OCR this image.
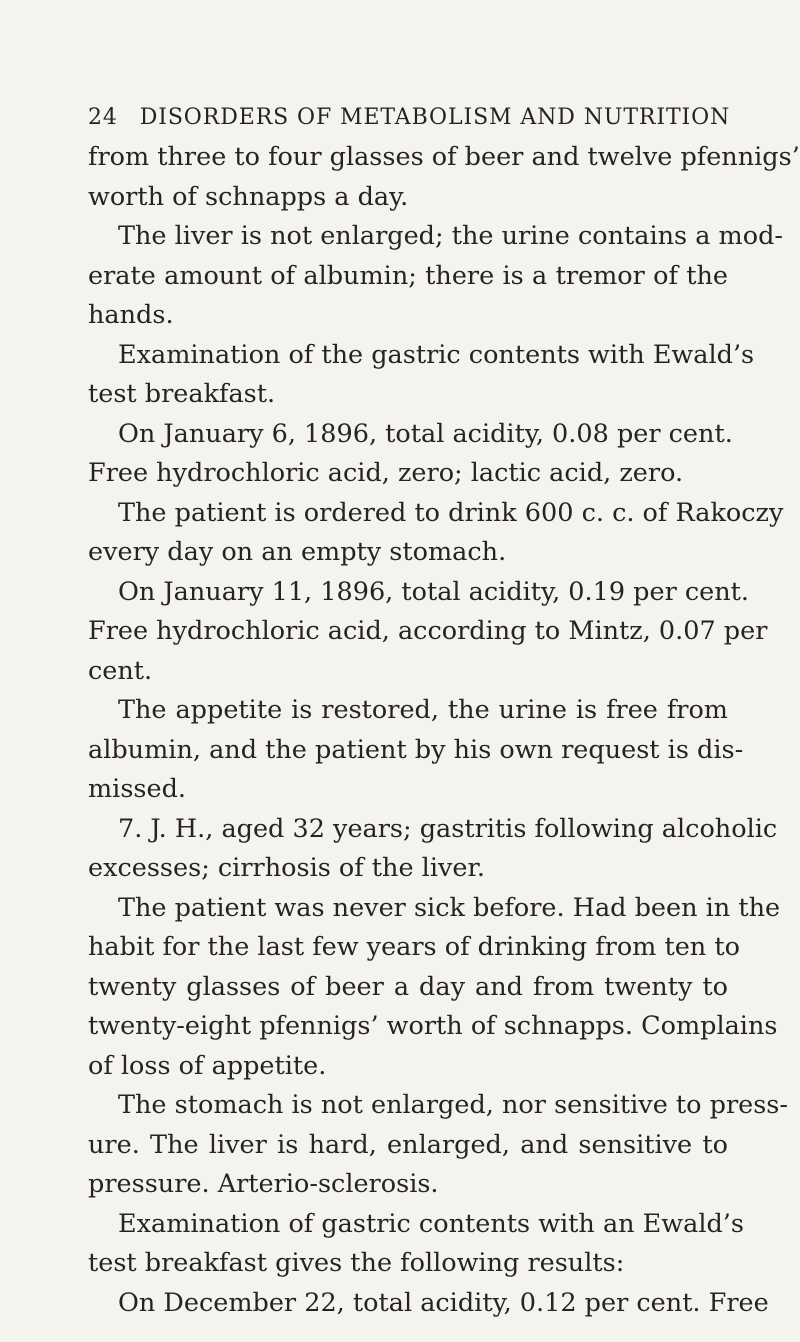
24 DISORDERS OF METABOLISM AND NUTRITION
from three to four glasses of beer and twelve pfennigs’
worth of schnapps a day.
The liver is not enlarged; the urine contains a mod-
erate amount of albumin; there is a tremor of the
hands.
Examination of the gastric contents with Ewald’s
test breakfast.
On January 6, 1896, total acidity, 0.08 per cent.
Free hydrochloric acid, zero; lactic acid, zero.
The patient is ordered to drink 600 c. c. of Rakoczy
every day on an empty stomach.
On January 11, 1896, total acidity, 0.19 per cent.
Free hydrochloric acid, according to Mintz, 0.07 per
cent.
The appetite is restored, the urine is free from
albumin, and the patient by his own request is dis-
missed.
7. J. H., aged 32 years; gastritis following alcoholic
excesses; cirrhosis of the liver.
The patient was never sick before. Had been in the
habit for the last few years of drinking from ten to
twenty glasses of beer a day and from twenty to
twenty-eight pfennigs’ worth of schnapps. Complains
of loss of appetite.
The stomach is not enlarged, nor sensitive to press-
ure. The liver is hard, enlarged, and sensitive to
pressure. Arterio-sclerosis.
Examination of gastric contents with an Ewald’s
test breakfast gives the following results:
On December 22, total acidity, 0.12 per cent. Free
